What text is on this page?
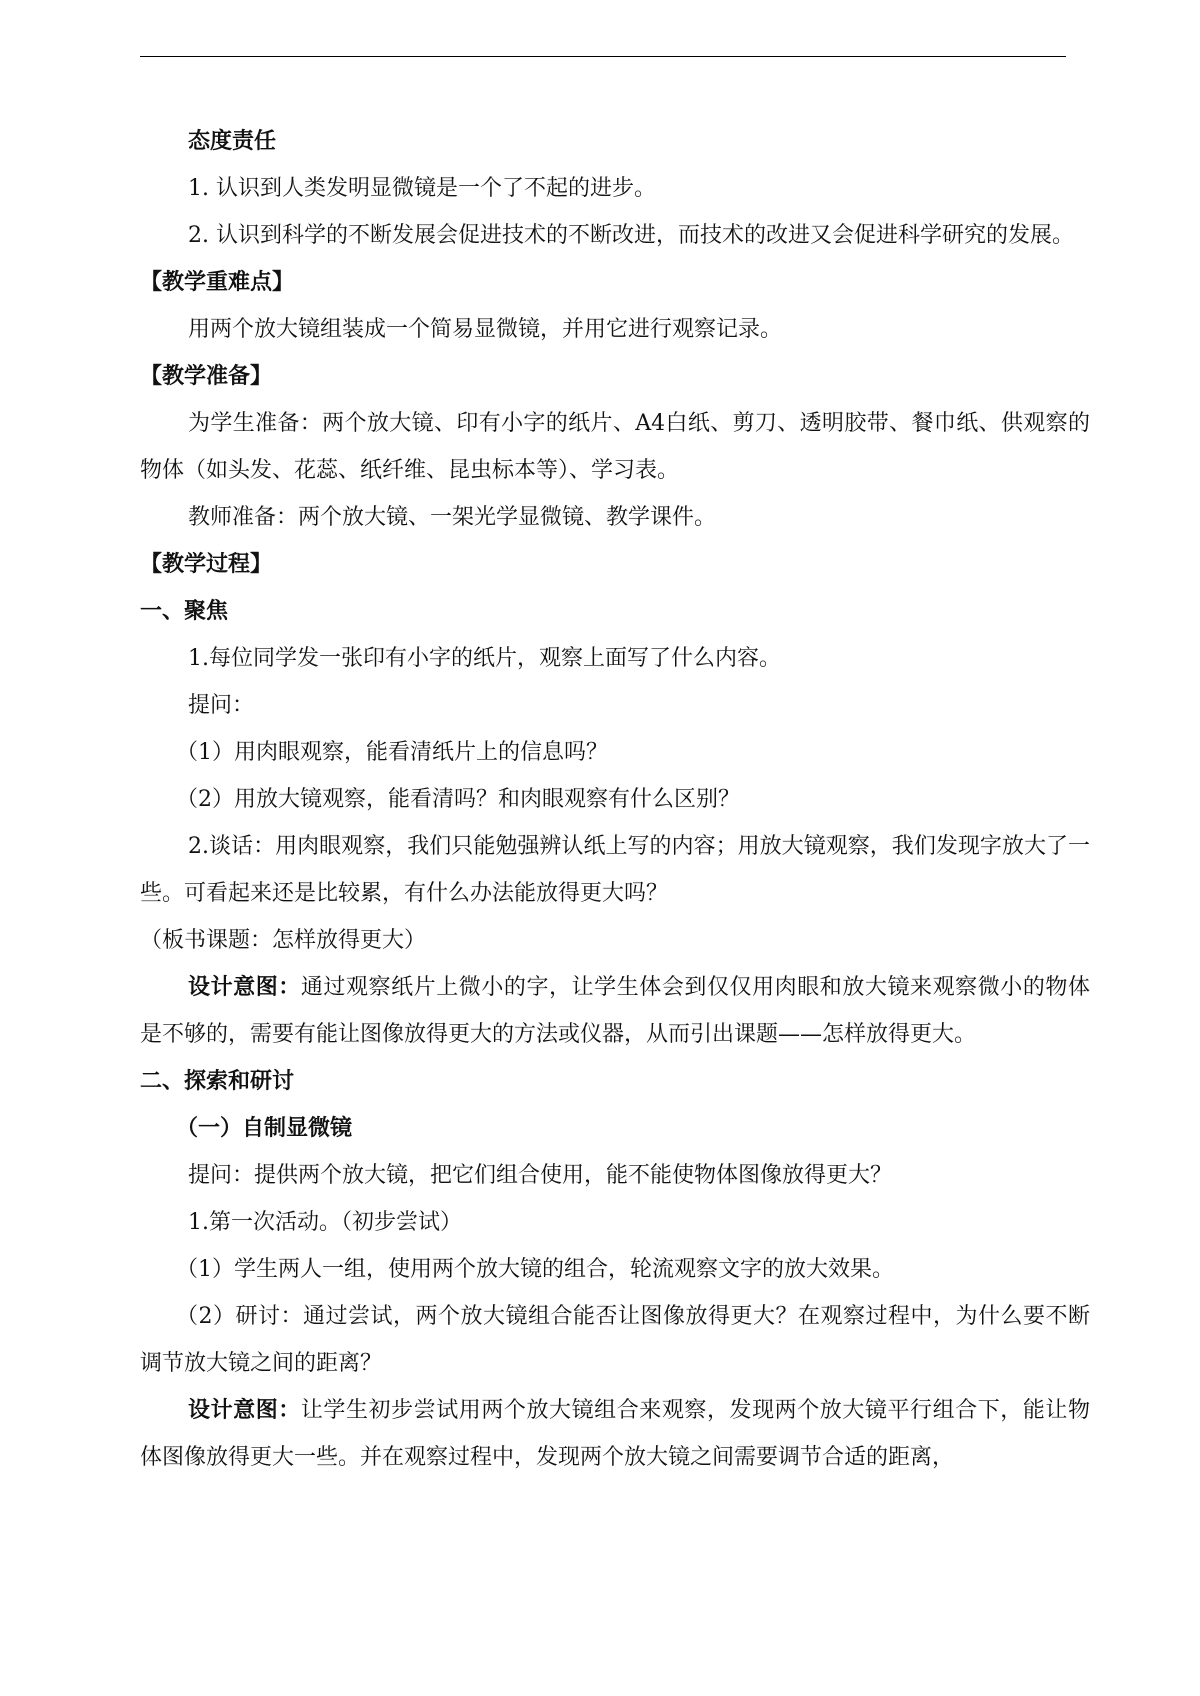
态度责任

1. 认识到人类发明显微镜是一个了不起的进步。

2. 认识到科学的不断发展会促进技术的不断改进，而技术的改进又会促进科学研究的发展。

【教学重难点】

用两个放大镜组装成一个简易显微镜，并用它进行观察记录。

【教学准备】

为学生准备：两个放大镜、印有小字的纸片、A4白纸、剪刀、透明胶带、餐巾纸、供观察的物体（如头发、花蕊、纸纤维、昆虫标本等）、学习表。

教师准备：两个放大镜、一架光学显微镜、教学课件。

【教学过程】

一、聚焦

1.每位同学发一张印有小字的纸片，观察上面写了什么内容。

提问：

（1）用肉眼观察，能看清纸片上的信息吗？

（2）用放大镜观察，能看清吗？和肉眼观察有什么区别？

2.谈话：用肉眼观察，我们只能勉强辨认纸上写的内容；用放大镜观察，我们发现字放大了一些。可看起来还是比较累，有什么办法能放得更大吗？

（板书课题：怎样放得更大）

设计意图：通过观察纸片上微小的字，让学生体会到仅仅用肉眼和放大镜来观察微小的物体是不够的，需要有能让图像放得更大的方法或仪器，从而引出课题——怎样放得更大。

二、探索和研讨

（一）自制显微镜

提问：提供两个放大镜，把它们组合使用，能不能使物体图像放得更大？

1.第一次活动。（初步尝试）

（1）学生两人一组，使用两个放大镜的组合，轮流观察文字的放大效果。

（2）研讨：通过尝试，两个放大镜组合能否让图像放得更大？在观察过程中，为什么要不断调节放大镜之间的距离？

设计意图：让学生初步尝试用两个放大镜组合来观察，发现两个放大镜平行组合下，能让物体图像放得更大一些。并在观察过程中，发现两个放大镜之间需要调节合适的距离，
